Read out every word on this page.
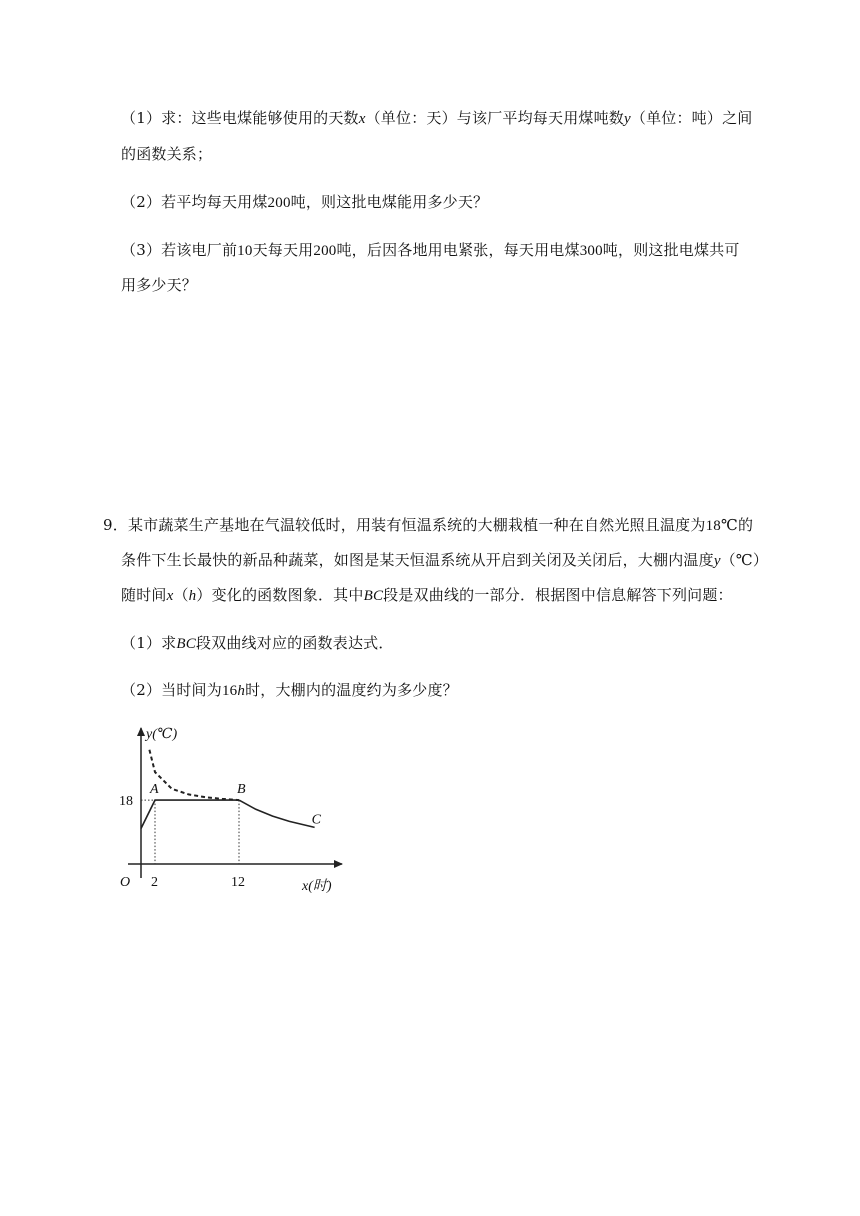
（1）求：这些电煤能够使用的天数x（单位：天）与该厂平均每天用煤吨数y（单位：吨）之间
的函数关系；
（2）若平均每天用煤200吨，则这批电煤能用多少天？
（3）若该电厂前10天每天用200吨，后因各地用电紧张，每天用电煤300吨，则这批电煤共可
用多少天？
9．某市蔬菜生产基地在气温较低时，用装有恒温系统的大棚栽植一种在自然光照且温度为18℃的
条件下生长最快的新品种蔬菜，如图是某天恒温系统从开启到关闭及关闭后，大棚内温度y（℃）
随时间x（h）变化的函数图象．其中BC段是双曲线的一部分．根据图中信息解答下列问题：
（1）求BC段双曲线对应的函数表达式．
（2）当时间为16h时，大棚内的温度约为多少度？
y(℃)
x(时)
O 2	12
18
A	B
C
